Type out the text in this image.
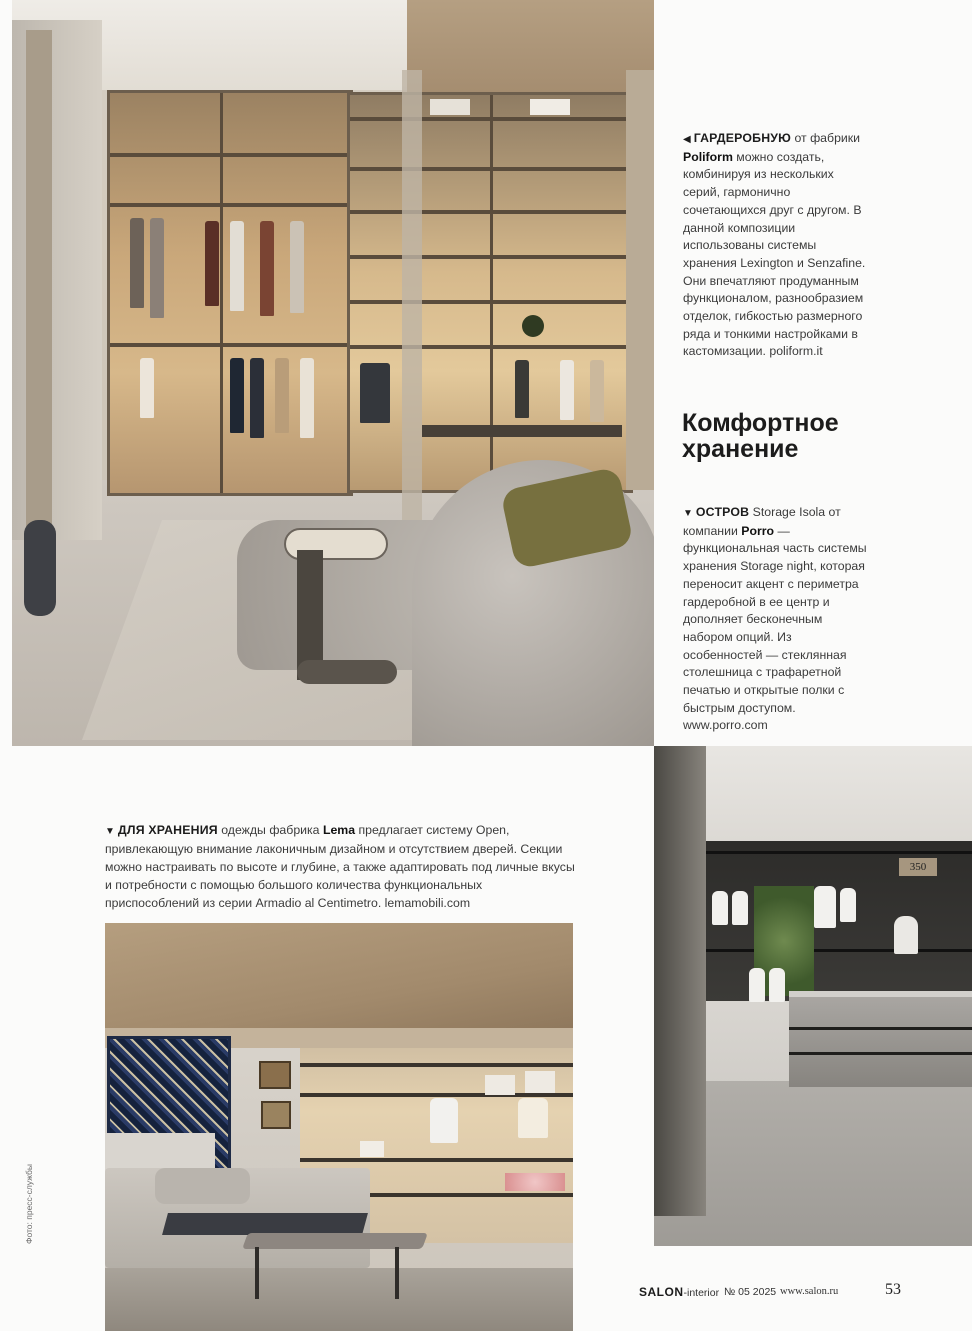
◀ ГАРДЕРОБНУЮ от фабрики Poliform можно создать, комбинируя из нескольких серий, гармонично сочетающихся друг с другом. В данной композиции использованы системы хранения Lexington и Senzafine. Они впечатляют продуманным функционалом, разнообразием отделок, гибкостью размерного ряда и тонкими настройками в кастомизации. poliform.it
Комфортное
хранение
▼ ОСТРОВ Storage Isola от компании Porro — функциональная часть системы хранения Storage night, которая переносит акцент с периметра гардеробной в ее центр и дополняет бесконечным набором опций. Из особенностей — стеклянная столешница с трафаретной печатью и открытые полки с быстрым доступом. www.porro.com
▼ ДЛЯ ХРАНЕНИЯ одежды фабрика Lema предлагает систему Open, привлекающую внимание лаконичным дизайном и отсутствием дверей. Секции можно настраивать по высоте и глубине, а также адаптировать под личные вкусы и потребности с помощью большого количества функциональных приспособлений из серии Armadio al Centimetro. lemamobili.com
350
Фото: пресс-службы
SALON-interior № 05 2025 www.salon.ru	53
